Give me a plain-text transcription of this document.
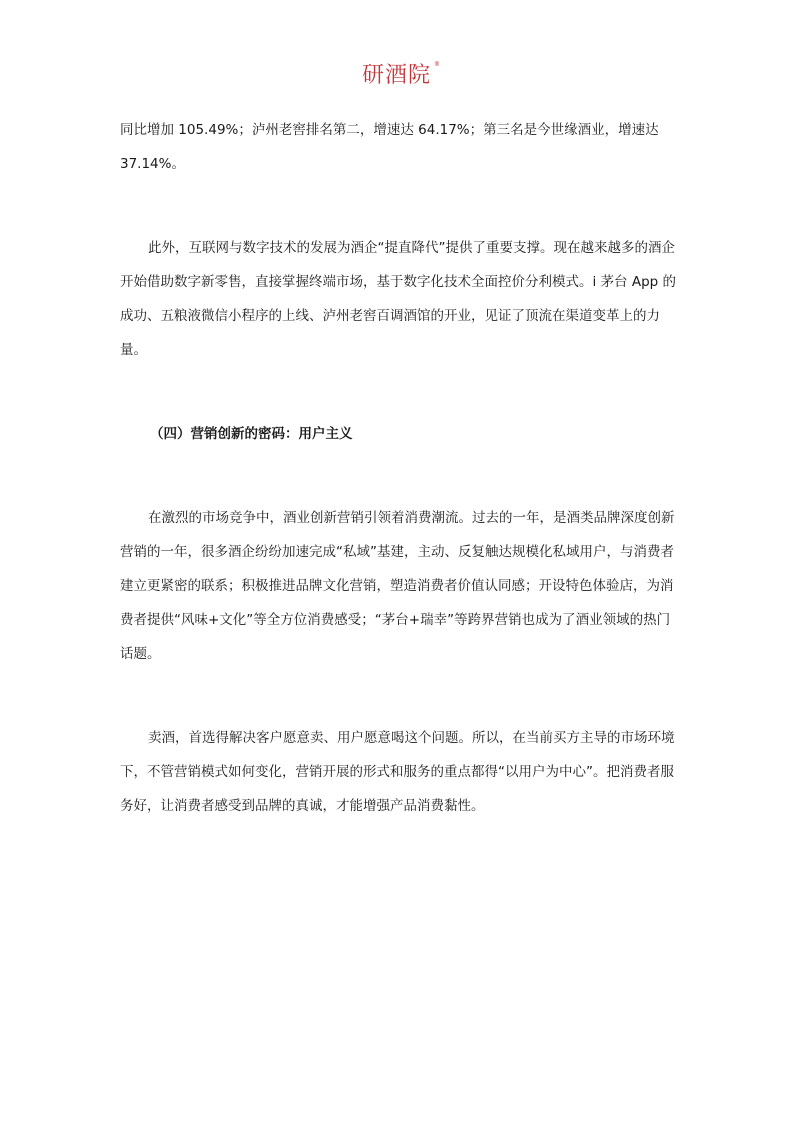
研酒院 ®

同比增加 105.49%；泸州老窖排名第二，增速达 64.17%；第三名是今世缘酒业，增速达 37.14%。

此外，互联网与数字技术的发展为酒企“提直降代”提供了重要支撑。现在越来越多的酒企开始借助数字新零售，直接掌握终端市场，基于数字化技术全面控价分利模式。i 茅台 App 的成功、五粮液微信小程序的上线、泸州老窖百调酒馆的开业，见证了顶流在渠道变革上的力量。

（四）营销创新的密码：用户主义

在激烈的市场竞争中，酒业创新营销引领着消费潮流。过去的一年，是酒类品牌深度创新营销的一年，很多酒企纷纷加速完成“私域”基建，主动、反复触达规模化私域用户，与消费者建立更紧密的联系；积极推进品牌文化营销，塑造消费者价值认同感；开设特色体验店，为消费者提供“风味+文化”等全方位消费感受；“茅台+瑞幸”等跨界营销也成为了酒业领域的热门话题。

卖酒，首选得解决客户愿意卖、用户愿意喝这个问题。所以，在当前买方主导的市场环境下，不管营销模式如何变化，营销开展的形式和服务的重点都得“以用户为中心”。把消费者服务好，让消费者感受到品牌的真诚，才能增强产品消费黏性。
